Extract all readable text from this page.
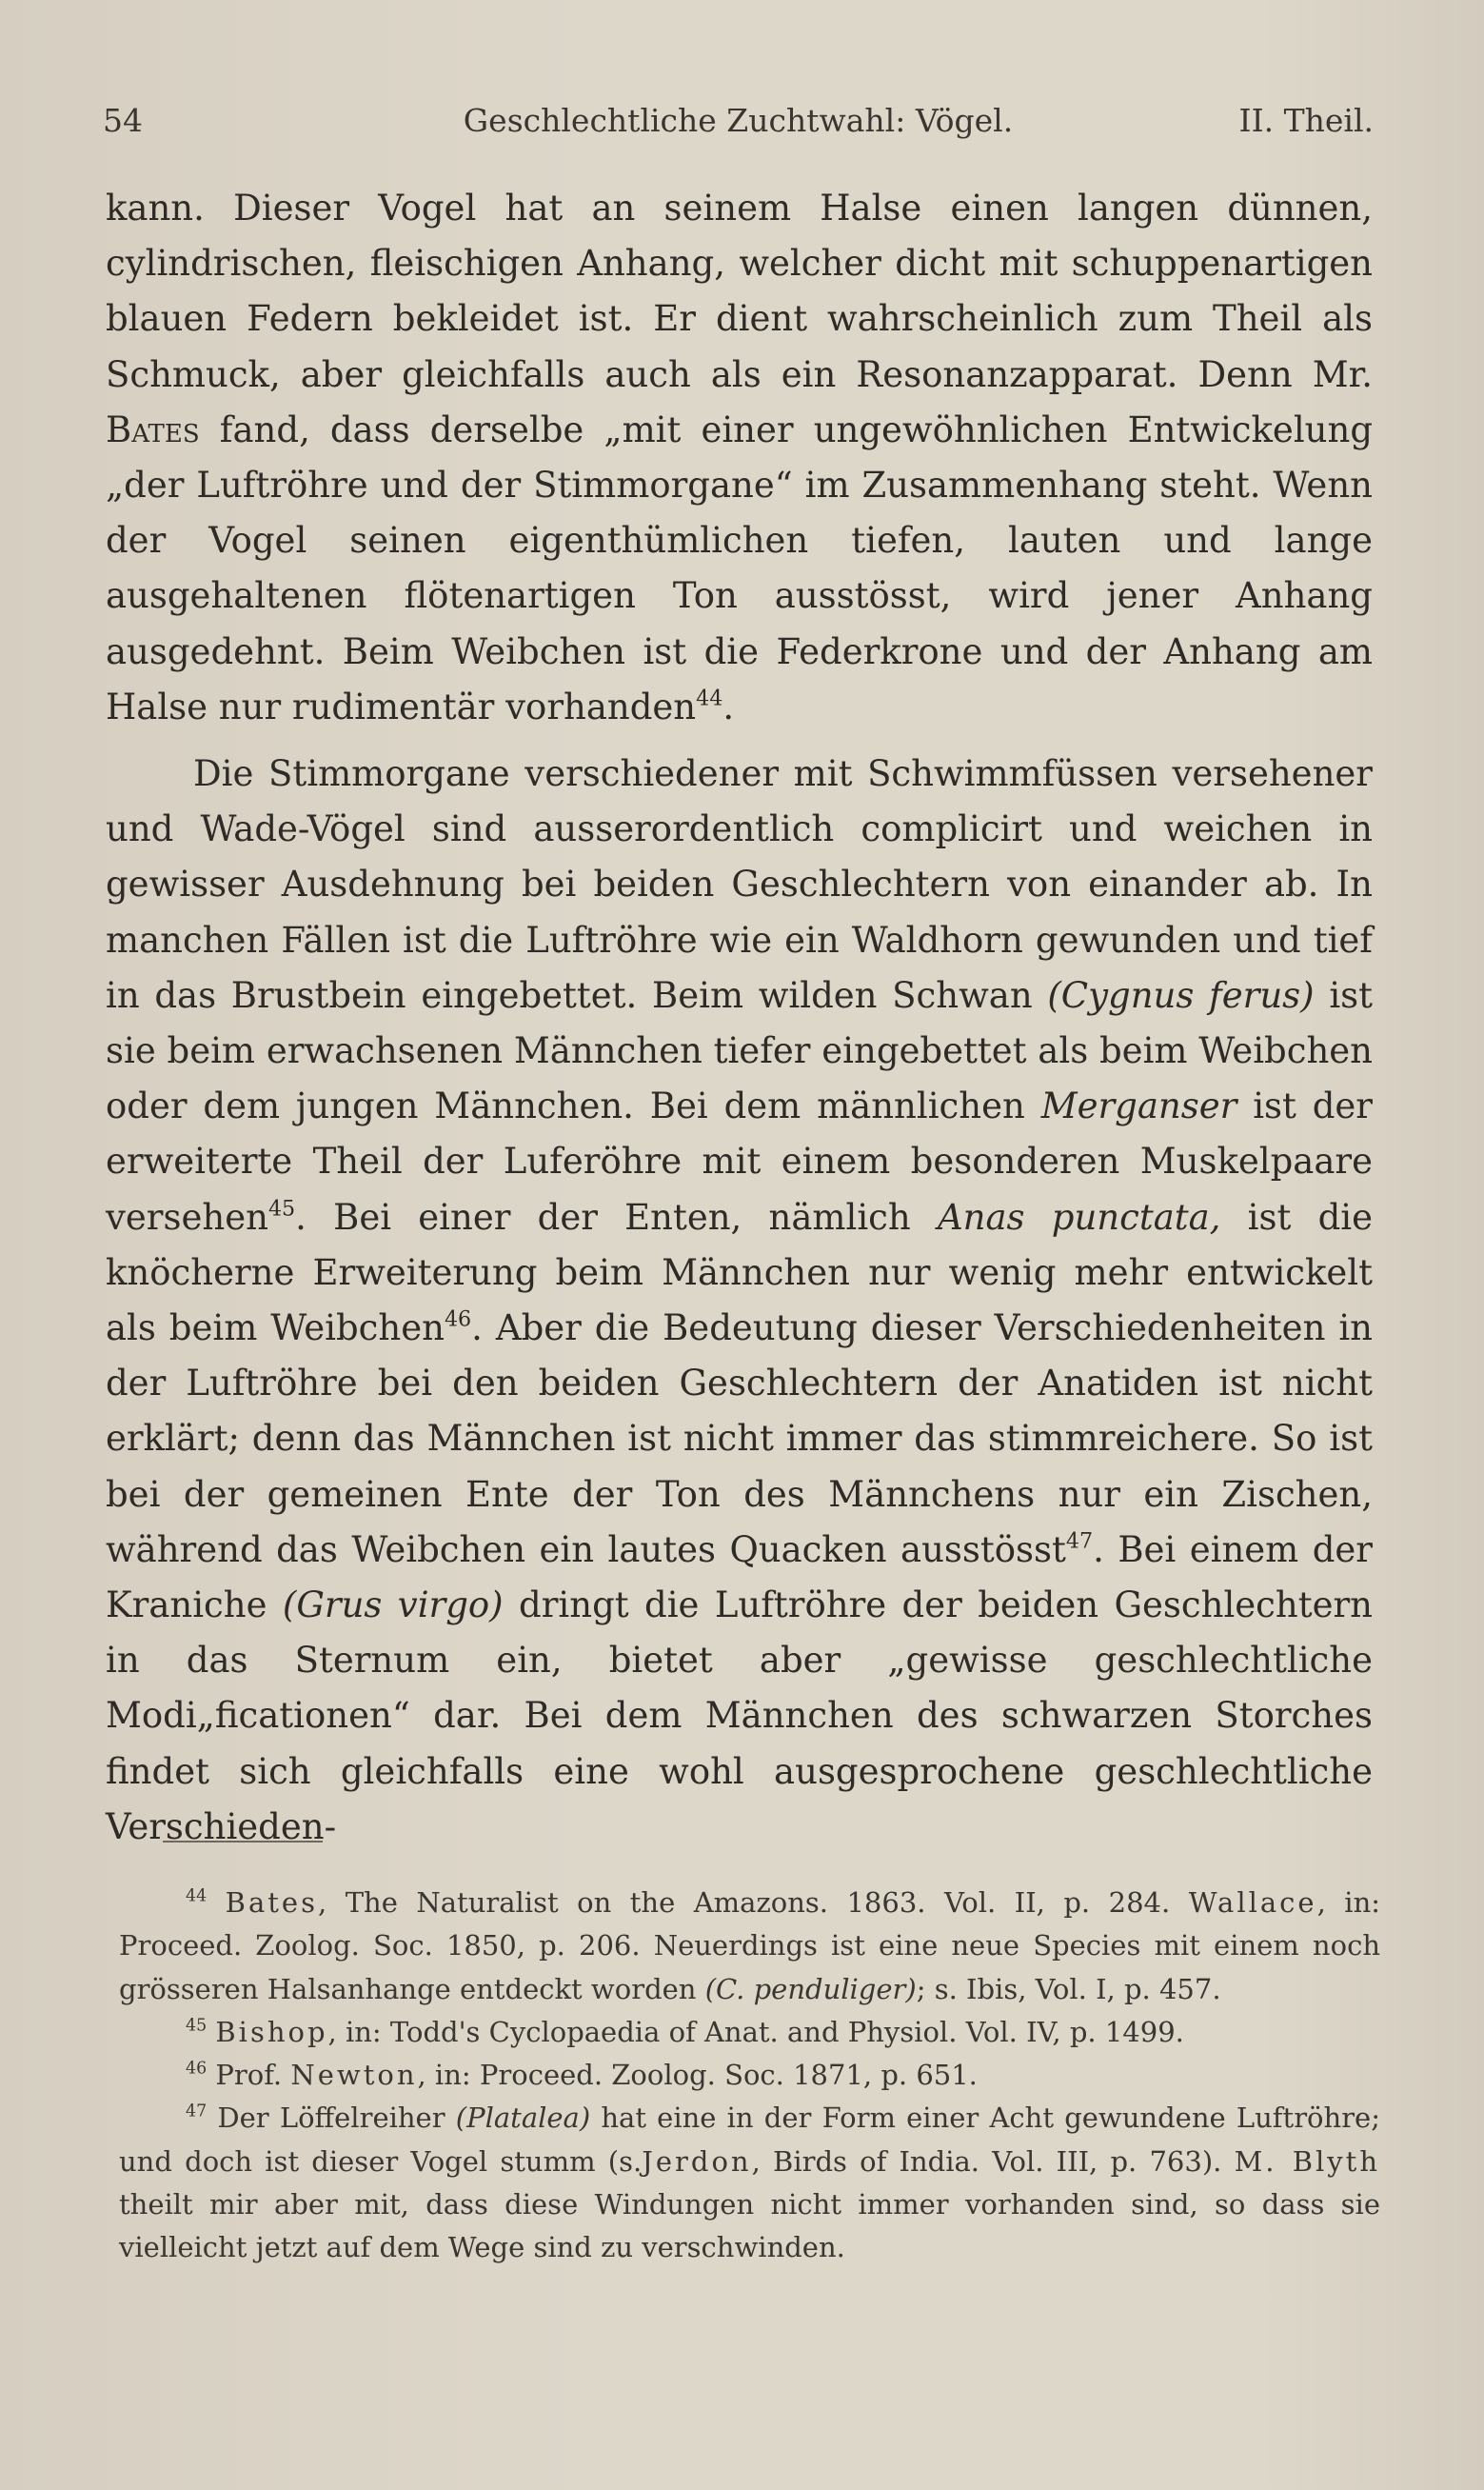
54	Geschlechtliche Zuchtwahl: Vögel.	II. Theil.

kann. Dieser Vogel hat an seinem Halse einen langen dünnen, cylindrischen, fleischigen Anhang, welcher dicht mit schuppenartigen blauen Federn bekleidet ist. Er dient wahrscheinlich zum Theil als Schmuck, aber gleichfalls auch als ein Resonanzapparat. Denn Mr. Bates fand, dass derselbe „mit einer ungewöhnlichen Entwickelung „der Luftröhre und der Stimmorgane“ im Zusammenhang steht. Wenn der Vogel seinen eigenthümlichen tiefen, lauten und lange ausgehaltenen flötenartigen Ton ausstösst, wird jener Anhang ausgedehnt. Beim Weibchen ist die Federkrone und der Anhang am Halse nur rudimentär vorhanden$^{44}$.

Die Stimmorgane verschiedener mit Schwimmfüssen versehener und Wade-Vögel sind ausserordentlich complicirt und weichen in gewisser Ausdehnung bei beiden Geschlechtern von einander ab. In manchen Fällen ist die Luftröhre wie ein Waldhorn gewunden und tief in das Brustbein eingebettet. Beim wilden Schwan (Cygnus ferus) ist sie beim erwachsenen Männchen tiefer eingebettet als beim Weibchen oder dem jungen Männchen. Bei dem männlichen Merganser ist der erweiterte Theil der Luferöhre mit einem besonderen Muskelpaare versehen$^{45}$. Bei einer der Enten, nämlich Anas punctata, ist die knöcherne Erweiterung beim Männchen nur wenig mehr entwickelt als beim Weibchen$^{46}$. Aber die Bedeutung dieser Verschiedenheiten in der Luftröhre bei den beiden Geschlechtern der Anatiden ist nicht erklärt; denn das Männchen ist nicht immer das stimmreichere. So ist bei der gemeinen Ente der Ton des Männchens nur ein Zischen, während das Weibchen ein lautes Quacken ausstösst$^{47}$. Bei einem der Kraniche (Grus virgo) dringt die Luftröhre der beiden Geschlechtern in das Sternum ein, bietet aber „gewisse geschlechtliche Modi„ficationen“ dar. Bei dem Männchen des schwarzen Storches findet sich gleichfalls eine wohl ausgesprochene geschlechtliche Verschieden-

$^{44}$ Bates, The Naturalist on the Amazons. 1863. Vol. II, p. 284. Wallace, in: Proceed. Zoolog. Soc. 1850, p. 206. Neuerdings ist eine neue Species mit einem noch grösseren Halsanhange entdeckt worden (C. penduliger); s. Ibis, Vol. I, p. 457.

$^{45}$ Bishop, in: Todd's Cyclopaedia of Anat. and Physiol. Vol. IV, p. 1499.

$^{46}$ Prof. Newton, in: Proceed. Zoolog. Soc. 1871, p. 651.

$^{47}$ Der Löffelreiher (Platalea) hat eine in der Form einer Acht gewundene Luftröhre; und doch ist dieser Vogel stumm (s.Jerdon, Birds of India. Vol. III, p. 763). M. Blyth theilt mir aber mit, dass diese Windungen nicht immer vorhanden sind, so dass sie vielleicht jetzt auf dem Wege sind zu verschwinden.
